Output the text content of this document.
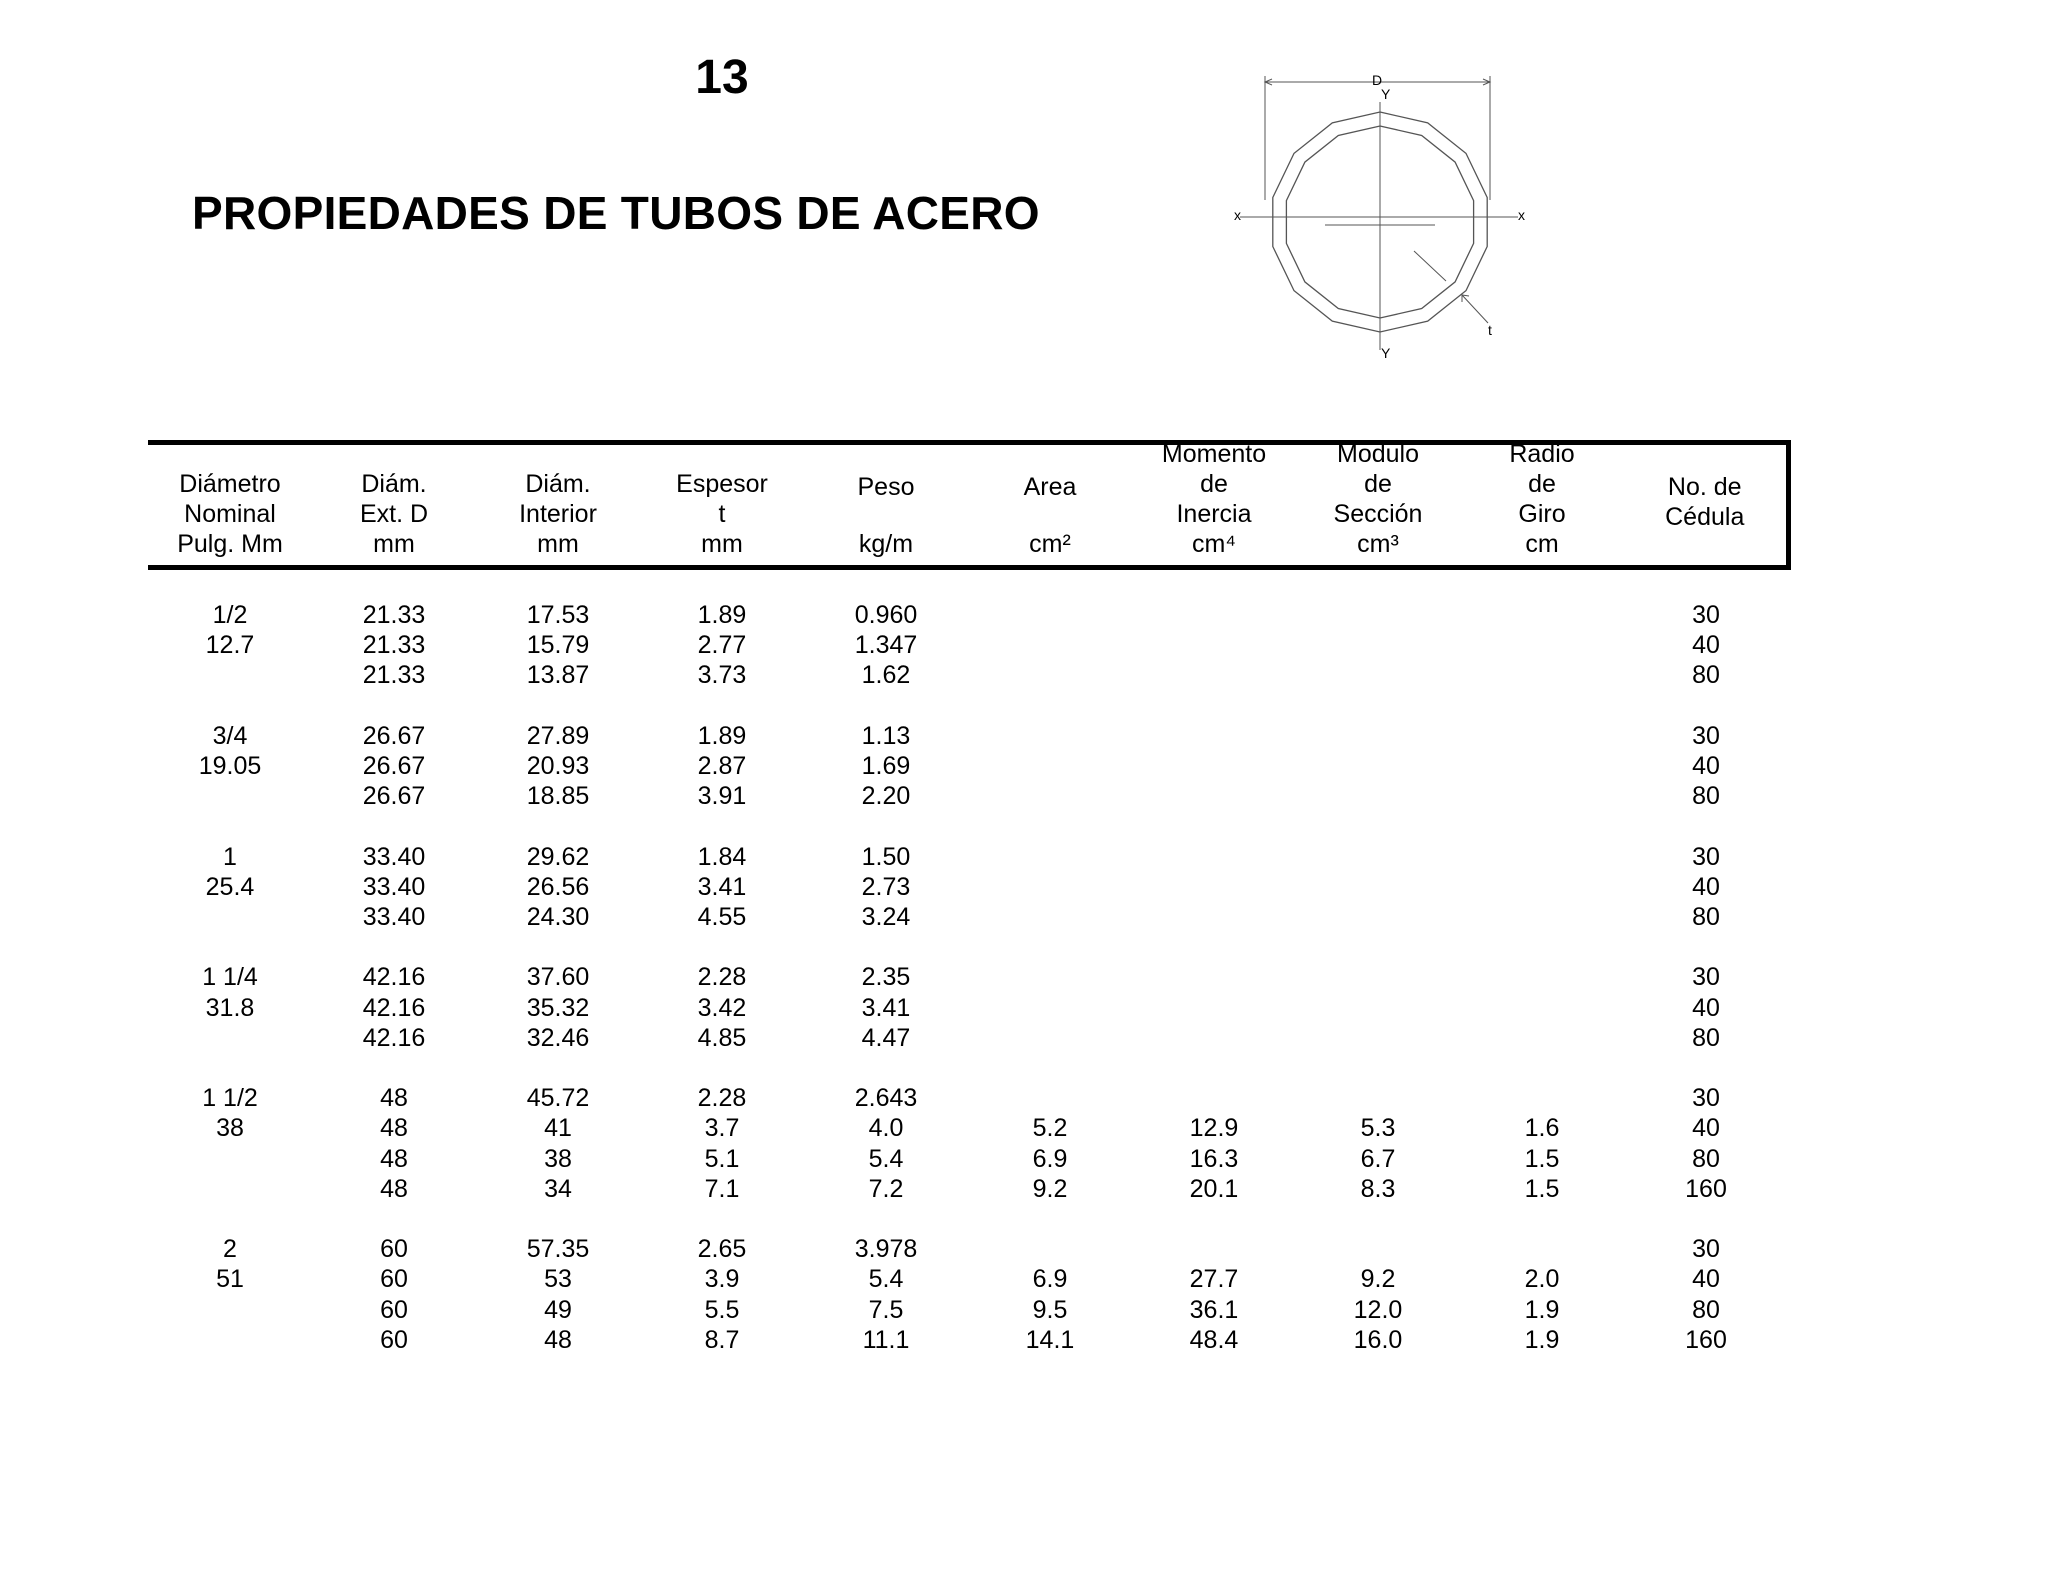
13
PROPIEDADES DE TUBOS DE ACERO
D
Y
x	x
Y
t
Diámetro
Nominal
Pulg. Mm	Diám.
Ext. D
mm	Diám.
Interior
mm	Espesor
t
mm	Peso
kg/m	Area
cm²	Momento
de
Inercia
cm⁴	Modulo
de
Sección
cm³	Radio
de
Giro
cm	No. de
Cédula

1/2	21.33	17.53	1.89	0.960					30
12.7	21.33	15.79	2.77	1.347					40
	21.33	13.87	3.73	1.62					80

3/4	26.67	27.89	1.89	1.13					30
19.05	26.67	20.93	2.87	1.69					40
	26.67	18.85	3.91	2.20					80

1	33.40	29.62	1.84	1.50					30
25.4	33.40	26.56	3.41	2.73					40
	33.40	24.30	4.55	3.24					80

1 1/4	42.16	37.60	2.28	2.35					30
31.8	42.16	35.32	3.42	3.41					40
	42.16	32.46	4.85	4.47					80

1 1/2	48	45.72	2.28	2.643					30
38	48	41	3.7	4.0	5.2	12.9	5.3	1.6	40
	48	38	5.1	5.4	6.9	16.3	6.7	1.5	80
	48	34	7.1	7.2	9.2	20.1	8.3	1.5	160

2	60	57.35	2.65	3.978					30
51	60	53	3.9	5.4	6.9	27.7	9.2	2.0	40
	60	49	5.5	7.5	9.5	36.1	12.0	1.9	80
	60	48	8.7	11.1	14.1	48.4	16.0	1.9	160
